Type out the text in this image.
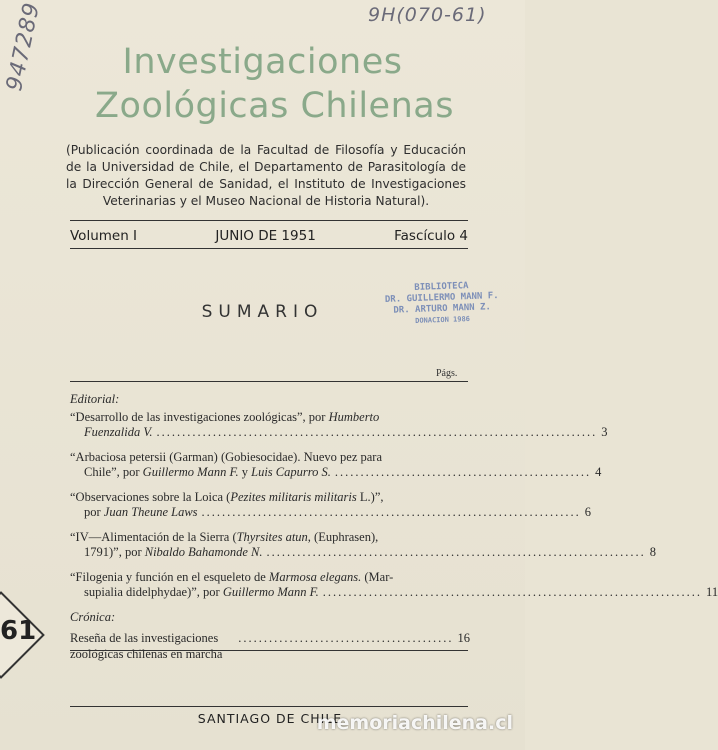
9H(070-61)
947289	Investigaciones
Zoológicas Chilenas
(Publicación coordinada de la Facultad de Filosofía y Educación de la Universidad de Chile, el Departamento de Parasitología de la Dirección General de Sanidad, el Instituto de Investigaciones Veterinarias y el Museo Nacional de Historia Natural).
Volumen I	JUNIO DE 1951	Fascículo 4
BIBLIOTECA
DR. GUILLERMO MANN F.
DR. ARTURO MANN Z.
DONACION 1986
SUMARIO
Págs.
Editorial:
“Desarrollo de las investigaciones zoológicas”, por Humberto
Fuenzalida V. ...................................................................................... 3
“Arbaciosa petersii (Garman) (Gobiesocidae). Nuevo pez para
Chile”, por Guillermo Mann F. y Luis Capurro S. .................................................. 4
“Observaciones sobre la Loica (Pezites militaris militaris L.)”,
por Juan Theune Laws .......................................................................... 6
“IV—Alimentación de la Sierra (Thyrsites atun, (Euphrasen),
1791)”, por Nibaldo Bahamonde N. .......................................................................... 8
“Filogenia y función en el esqueleto de Marmosa elegans. (Mar-
supialia didelphydae)”, por Guillermo Mann F. .......................................................................... 11
Crónica:
Reseña de las investigaciones zoológicas chilenas en marcha
.......................................... 16
61
SANTIAGO DE CHILE
memoriachilena.cl
